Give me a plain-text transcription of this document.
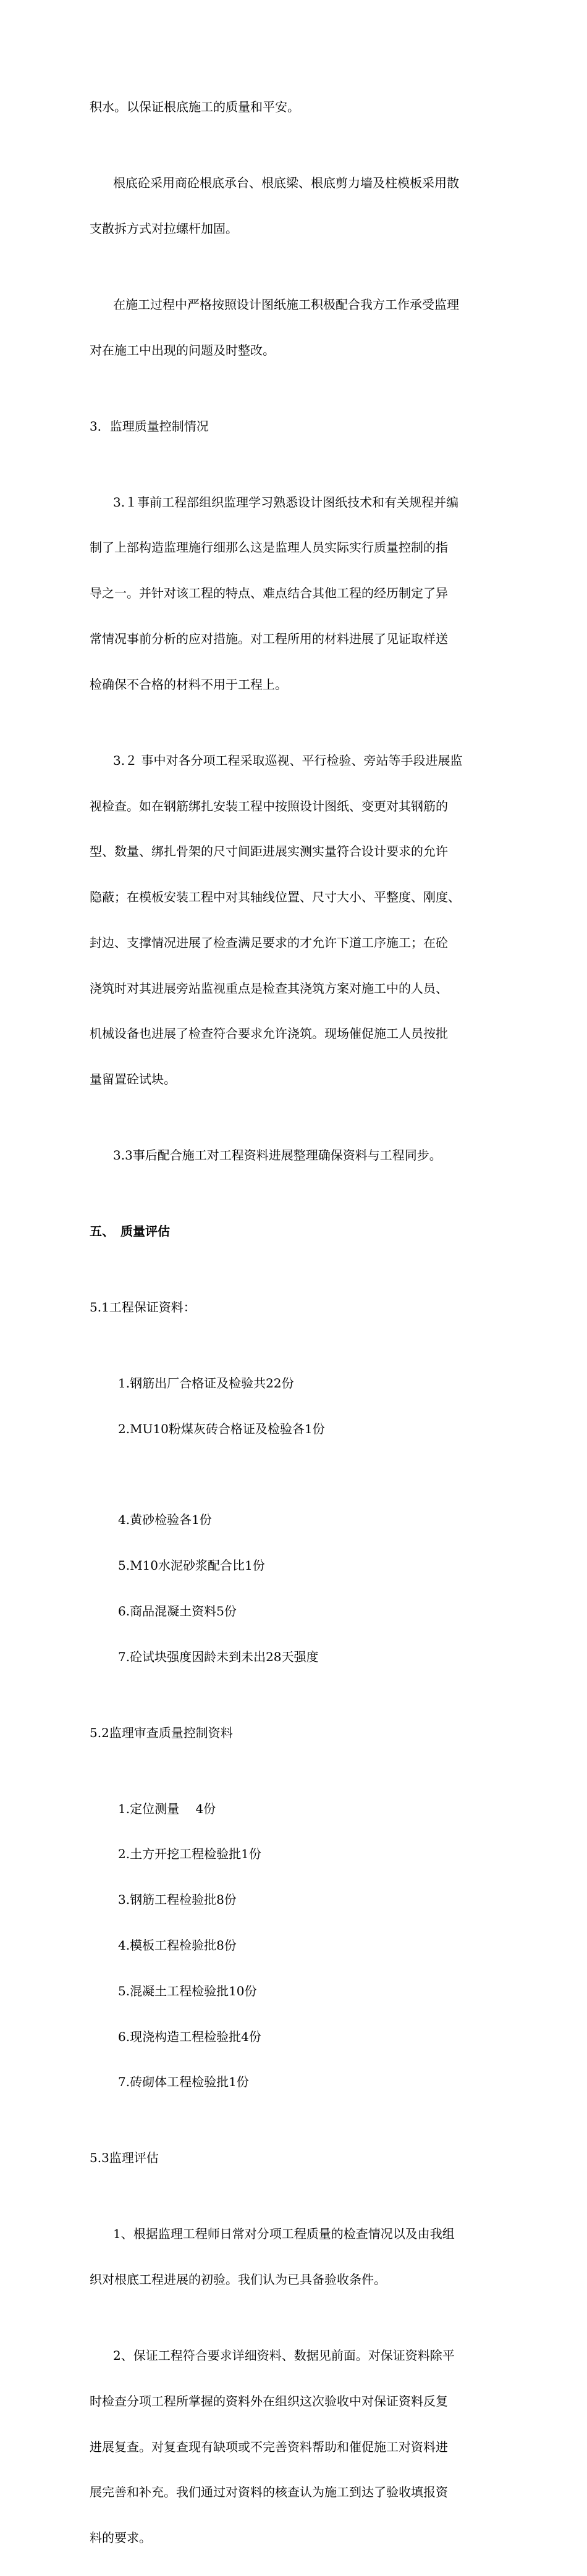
积水。以保证根底施工的质量和平安。

根底砼采用商砼根底承台、根底梁、根底剪力墙及柱模板采用散

支散拆方式对拉螺杆加固。

在施工过程中严格按照设计图纸施工积极配合我方工作承受监理

对在施工中出现的问题及时整改。

3．监理质量控制情况

3.１事前工程部组织监理学习熟悉设计图纸技术和有关规程并编

制了上部构造监理施行细那么这是监理人员实际实行质量控制的指

导之一。并针对该工程的特点、难点结合其他工程的经历制定了异

常情况事前分析的应对措施。对工程所用的材料进展了见证取样送

检确保不合格的材料不用于工程上。

3.２ 事中对各分项工程采取巡视、平行检验、旁站等手段进展监

视检查。如在钢筋绑扎安装工程中按照设计图纸、变更对其钢筋的

型、数量、绑扎骨架的尺寸间距进展实测实量符合设计要求的允许

隐蔽；在模板安装工程中对其轴线位置、尺寸大小、平整度、刚度、

封边、支撑情况进展了检查满足要求的才允许下道工序施工；在砼

浇筑时对其进展旁站监视重点是检查其浇筑方案对施工中的人员、

机械设备也进展了检查符合要求允许浇筑。现场催促施工人员按批

量留置砼试块。

3.3事后配合施工对工程资料进展整理确保资料与工程同步。

五、　质量评估

5.1工程保证资料：

1.钢筋出厂合格证及检验共22份

2.MU10粉煤灰砖合格证及检验各1份

4.黄砂检验各1份

5.M10水泥砂浆配合比1份

6.商品混凝土资料5份

7.砼试块强度因龄未到未出28天强度

5.2监理审查质量控制资料

1.定位测量　 4份

2.土方开挖工程检验批1份

3.钢筋工程检验批8份

4.模板工程检验批8份

5.混凝土工程检验批10份

6.现浇构造工程检验批4份

7.砖砌体工程检验批1份

5.3监理评估

1、根据监理工程师日常对分项工程质量的检查情况以及由我组

织对根底工程进展的初验。我们认为已具备验收条件。

2、保证工程符合要求详细资料、数据见前面。对保证资料除平

时检查分项工程所掌握的资料外在组织这次验收中对保证资料反复

进展复查。对复查现有缺项或不完善资料帮助和催促施工对资料进

展完善和补充。我们通过对资料的核查认为施工到达了验收填报资

料的要求。
